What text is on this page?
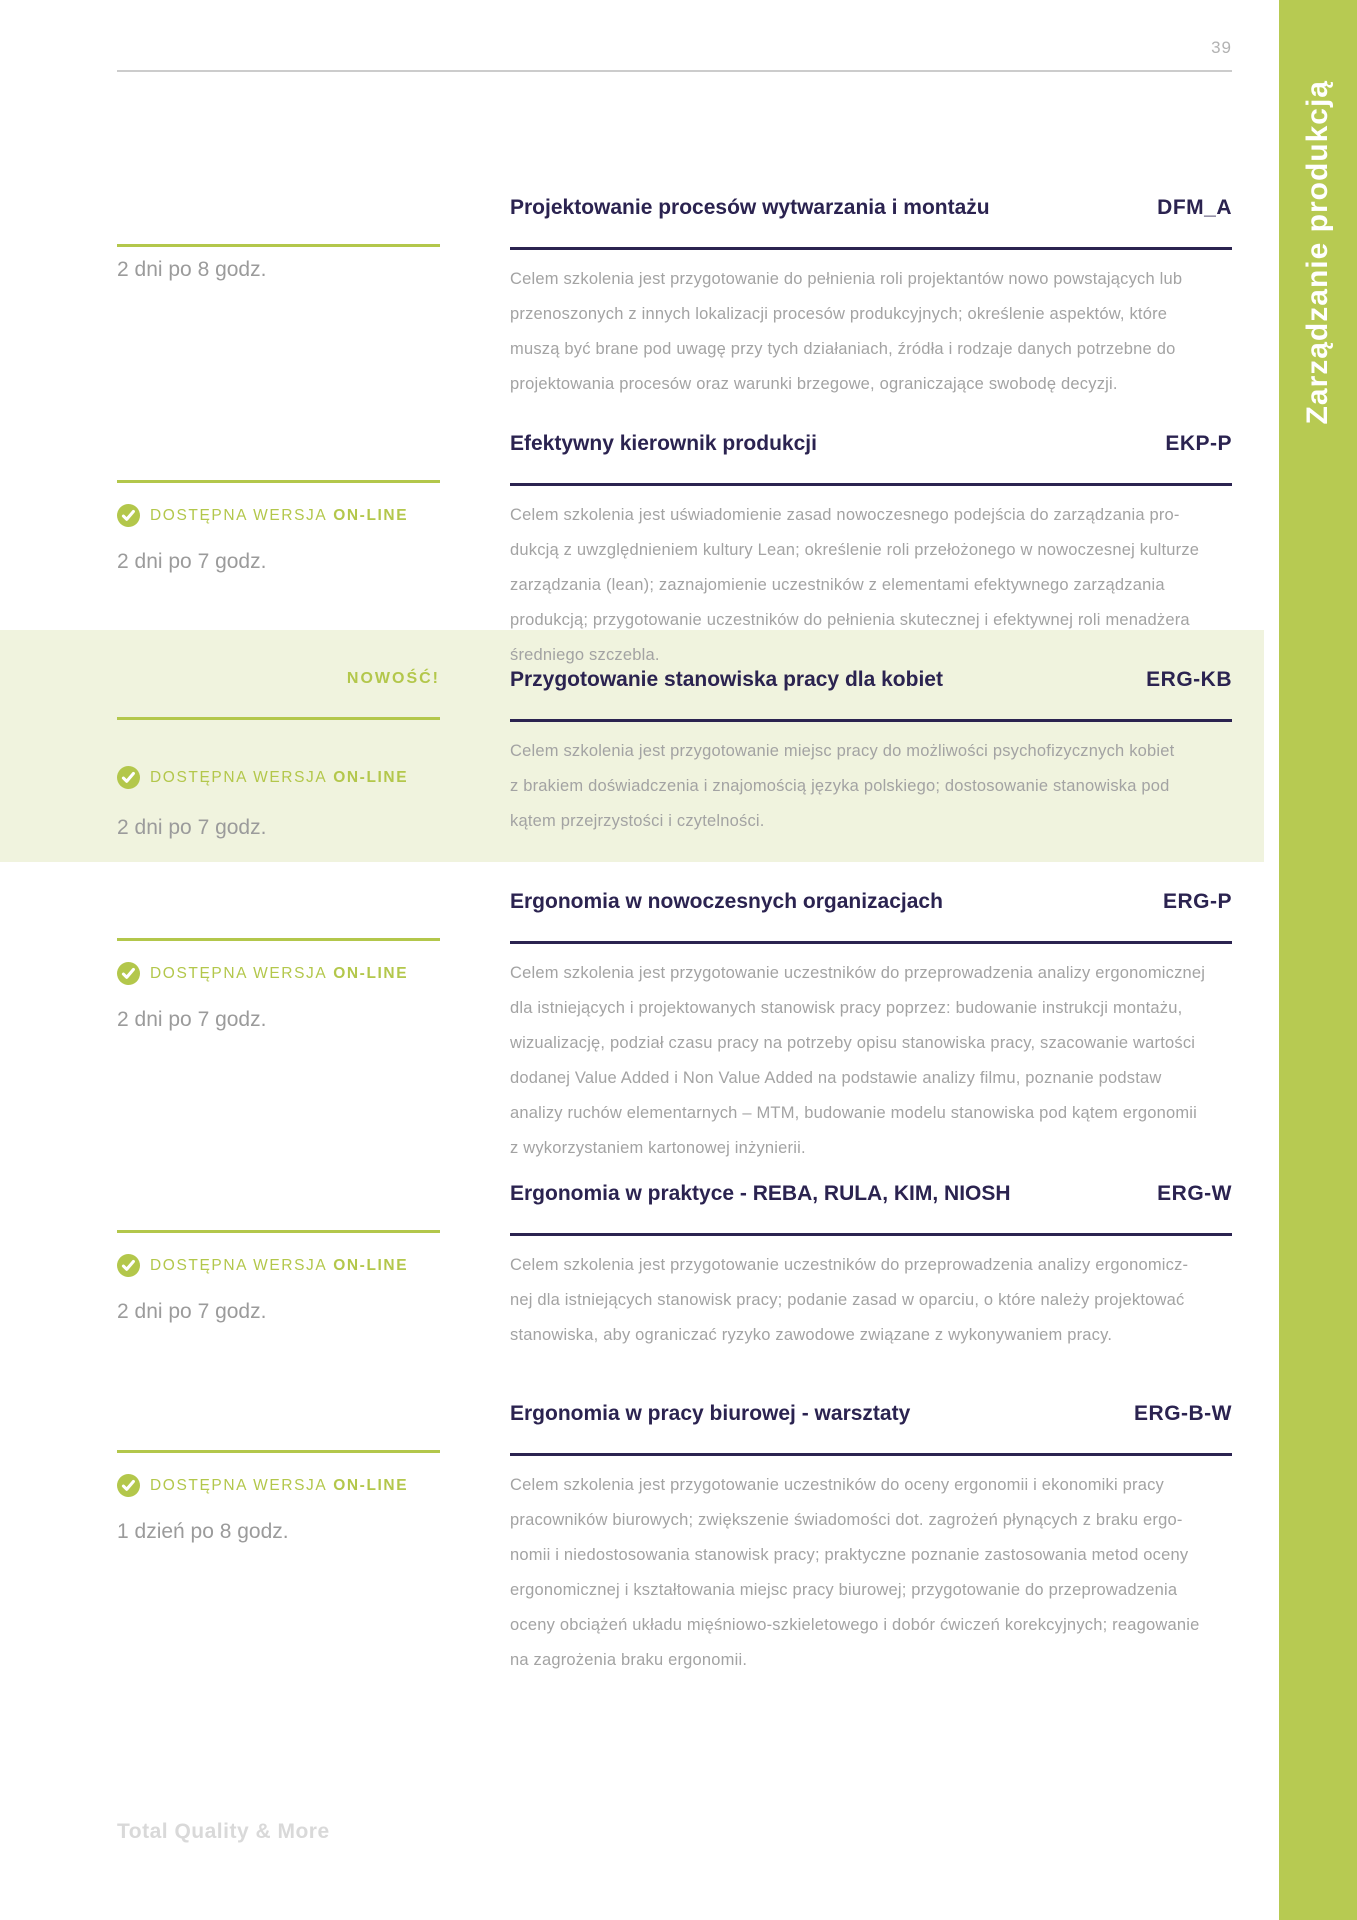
39
Zarządzanie produkcją
2 dni po 8 godz.
Projektowanie procesów wytwarzania i montażu	DFM_A
Celem szkolenia jest przygotowanie do pełnienia roli projektantów nowo powstających lub
przenoszonych z innych lokalizacji procesów produkcyjnych; określenie aspektów, które
muszą być brane pod uwagę przy tych działaniach, źródła i rodzaje danych potrzebne do
projektowania procesów oraz warunki brzegowe, ograniczające swobodę decyzji.
DOSTĘPNA WERSJA ON-LINE
2 dni po 7 godz.
Efektywny kierownik produkcji	EKP-P
Celem szkolenia jest uświadomienie zasad nowoczesnego podejścia do zarządzania pro-
dukcją z uwzględnieniem kultury Lean; określenie roli przełożonego w nowoczesnej kulturze
zarządzania (lean); zaznajomienie uczestników z elementami efektywnego zarządzania
produkcją; przygotowanie uczestników do pełnienia skutecznej i efektywnej roli menadżera
średniego szczebla.
NOWOŚĆ!
DOSTĘPNA WERSJA ON-LINE
2 dni po 7 godz.
Przygotowanie stanowiska pracy dla kobiet	ERG-KB
Celem szkolenia jest przygotowanie miejsc pracy do możliwości psychofizycznych kobiet
z brakiem doświadczenia i znajomością języka polskiego; dostosowanie stanowiska pod
kątem przejrzystości i czytelności.
DOSTĘPNA WERSJA ON-LINE
2 dni po 7 godz.
Ergonomia w nowoczesnych organizacjach	ERG-P
Celem szkolenia jest przygotowanie uczestników do przeprowadzenia analizy ergonomicznej
dla istniejących i projektowanych stanowisk pracy poprzez: budowanie instrukcji montażu,
wizualizację, podział czasu pracy na potrzeby opisu stanowiska pracy, szacowanie wartości
dodanej Value Added i Non Value Added na podstawie analizy filmu, poznanie podstaw
analizy ruchów elementarnych – MTM, budowanie modelu stanowiska pod kątem ergonomii
z wykorzystaniem kartonowej inżynierii.
DOSTĘPNA WERSJA ON-LINE
2 dni po 7 godz.
Ergonomia w praktyce - REBA, RULA, KIM, NIOSH	ERG-W
Celem szkolenia jest przygotowanie uczestników do przeprowadzenia analizy ergonomicz-
nej dla istniejących stanowisk pracy; podanie zasad w oparciu, o które należy projektować
stanowiska, aby ograniczać ryzyko zawodowe związane z wykonywaniem pracy.
DOSTĘPNA WERSJA ON-LINE
1 dzień po 8 godz.
Ergonomia w pracy biurowej - warsztaty	ERG-B-W
Celem szkolenia jest przygotowanie uczestników do oceny ergonomii i ekonomiki pracy
pracowników biurowych; zwiększenie świadomości dot. zagrożeń płynących z braku ergo-
nomii i niedostosowania stanowisk pracy; praktyczne poznanie zastosowania metod oceny
ergonomicznej i kształtowania miejsc pracy biurowej; przygotowanie do przeprowadzenia
oceny obciążeń układu mięśniowo-szkieletowego i dobór ćwiczeń korekcyjnych; reagowanie
na zagrożenia braku ergonomii.
Total Quality & More
